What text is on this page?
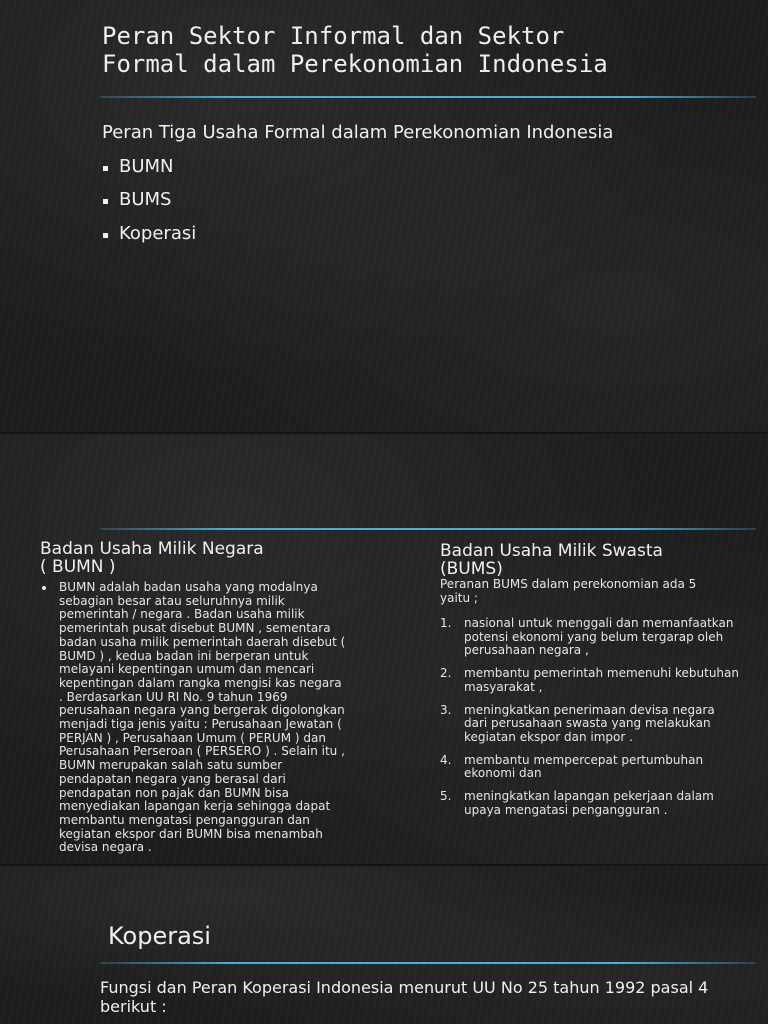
Peran Sektor Informal dan Sektor
Formal dalam Perekonomian Indonesia
Peran Tiga Usaha Formal dalam Perekonomian Indonesia
BUMN
BUMS
Koperasi
Badan Usaha Milik Negara
( BUMN )
BUMN adalah badan usaha yang modalnya sebagian besar atau seluruhnya milik pemerintah / negara . Badan usaha milik pemerintah pusat disebut BUMN , sementara badan usaha milik pemerintah daerah disebut ( BUMD ) , kedua badan ini berperan untuk melayani kepentingan umum dan mencari kepentingan dalam rangka mengisi kas negara . Berdasarkan UU RI No. 9 tahun 1969 perusahaan negara yang bergerak digolongkan menjadi tiga jenis yaitu : Perusahaan Jewatan ( PERJAN ) , Perusahaan Umum ( PERUM ) dan Perusahaan Perseroan ( PERSERO ) . Selain itu , BUMN merupakan salah satu sumber pendapatan negara yang berasal dari pendapatan non pajak dan BUMN bisa menyediakan lapangan kerja sehingga dapat membantu mengatasi pengangguran dan kegiatan ekspor dari BUMN bisa menambah devisa negara .
Badan Usaha Milik Swasta
(BUMS)
Peranan BUMS dalam perekonomian ada 5 yaitu ;
1. nasional untuk menggali dan memanfaatkan potensi ekonomi yang belum tergarap oleh perusahaan negara ,
2. membantu pemerintah memenuhi kebutuhan masyarakat ,
3. meningkatkan penerimaan devisa negara dari perusahaan swasta yang melakukan kegiatan ekspor dan impor .
4. membantu mempercepat pertumbuhan ekonomi dan
5. meningkatkan lapangan pekerjaan dalam upaya mengatasi pengangguran .
Koperasi
Fungsi dan Peran Koperasi Indonesia menurut UU No 25 tahun 1992 pasal 4 berikut :
